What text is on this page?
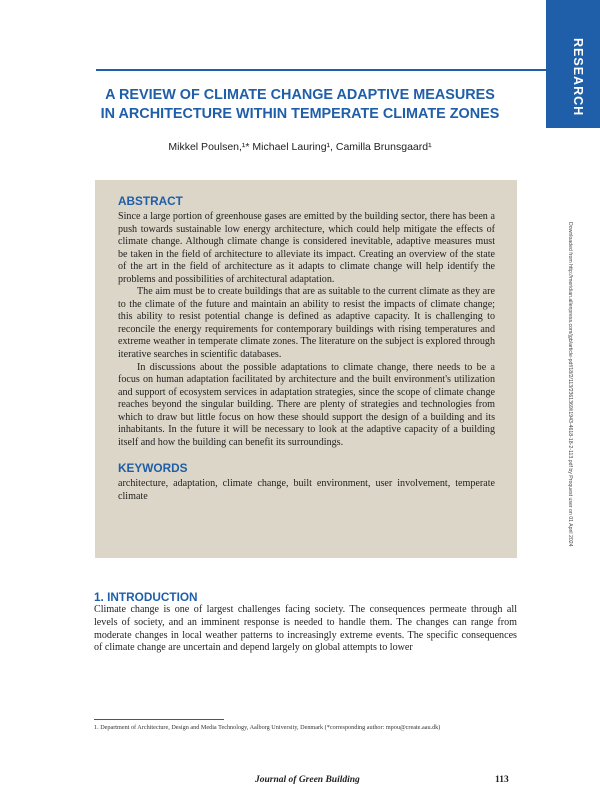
RESEARCH
A REVIEW OF CLIMATE CHANGE ADAPTIVE MEASURES
IN ARCHITECTURE WITHIN TEMPERATE CLIMATE ZONES
Mikkel Poulsen,¹* Michael Lauring¹, Camilla Brunsgaard¹
Downloaded from http://meridian.allenpress.com/jgb/article-pdf/18/2/113/2361369/i1943-4618-18-2-113.pdf by Proquest user on 01 April 2024
ABSTRACT

Since a large portion of greenhouse gases are emitted by the building sector, there has been a push towards sustainable low energy architecture, which could help mitigate the effects of climate change. Although climate change is considered inevitable, adaptive measures must be taken in the field of architecture to alleviate its impact. Creating an overview of the state of the art in the field of architecture as it adapts to climate change will help identify the problems and possibilities of architectural adaptation.

The aim must be to create buildings that are as suitable to the current climate as they are to the climate of the future and maintain an ability to resist the impacts of climate change; this ability to resist potential change is defined as adaptive capacity. It is challenging to reconcile the energy requirements for contemporary buildings with rising temperatures and extreme weather in temperate climate zones. The literature on the subject is explored through iterative searches in scientific databases.

In discussions about the possible adaptations to climate change, there needs to be a focus on human adaptation facilitated by architecture and the built environment's utilization and support of ecosystem services in adaptation strategies, since the scope of climate change reaches beyond the singular building. There are plenty of strategies and technologies from which to draw but little focus on how these should support the design of a building and its inhabitants. In the future it will be necessary to look at the adaptive capacity of a building itself and how the building can benefit its surroundings.

KEYWORDS

architecture, adaptation, climate change, built environment, user involvement, temperate climate

1. INTRODUCTION

Climate change is one of largest challenges facing society. The consequences permeate through all levels of society, and an imminent response is needed to handle them. The changes can range from moderate changes in local weather patterns to increasingly extreme events. The specific consequences of climate change are uncertain and depend largely on global attempts to lower

1. Department of Architecture, Design and Media Technology, Aalborg University, Denmark (*corresponding author: mpou@create.aau.dk)
Journal of Green Building	113
